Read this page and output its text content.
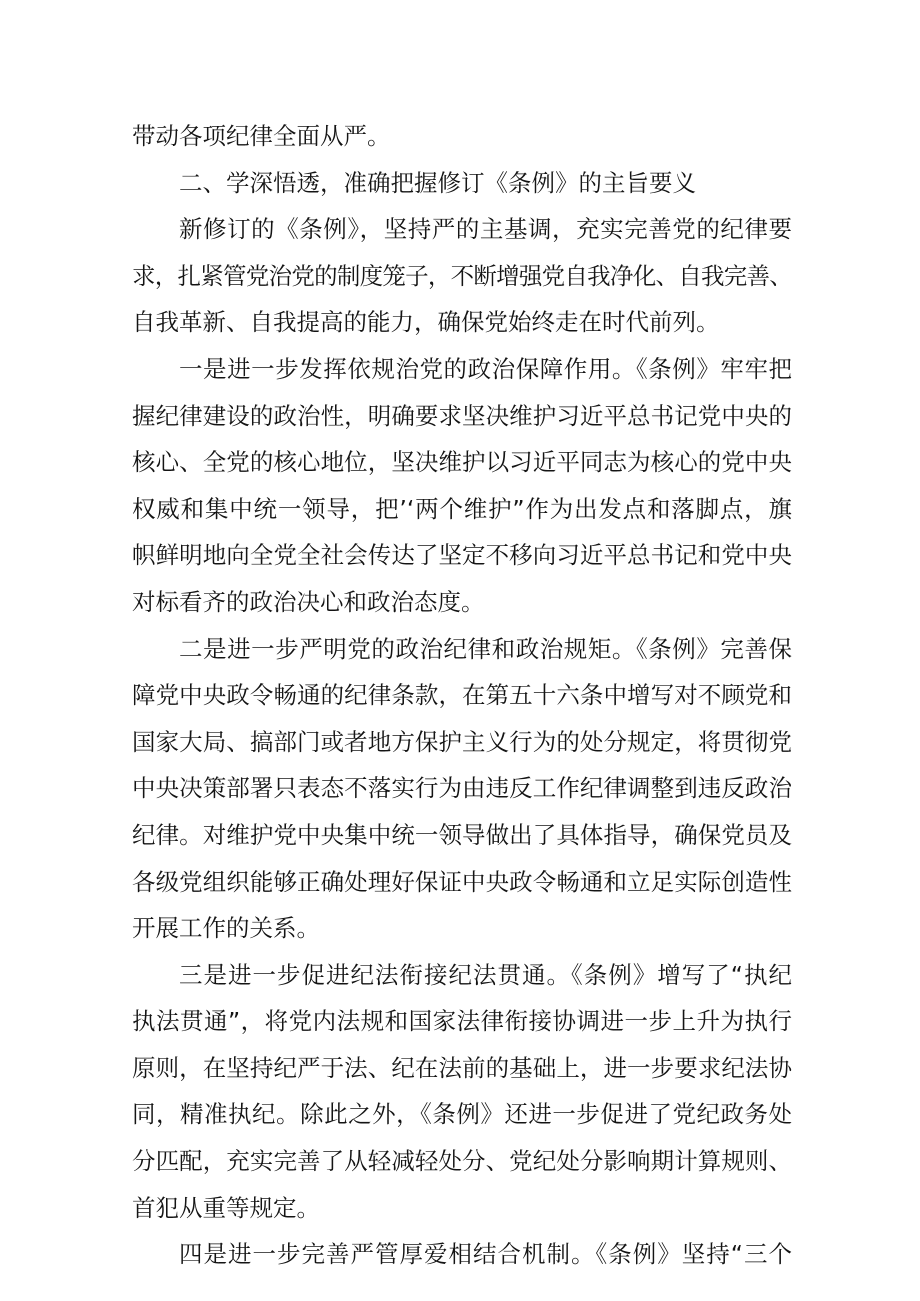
带动各项纪律全面从严。
二、学深悟透，准确把握修订《条例》的主旨要义
新修订的《条例》，坚持严的主基调，充实完善党的纪律要
求，扎紧管党治党的制度笼子，不断增强党自我净化、自我完善、
自我革新、自我提高的能力，确保党始终走在时代前列。
一是进一步发挥依规治党的政治保障作用。《条例》牢牢把
握纪律建设的政治性，明确要求坚决维护习近平总书记党中央的
核心、全党的核心地位，坚决维护以习近平同志为核心的党中央
权威和集中统一领导，把’‘两个维护”作为出发点和落脚点，旗
帜鲜明地向全党全社会传达了坚定不移向习近平总书记和党中央
对标看齐的政治决心和政治态度。
二是进一步严明党的政治纪律和政治规矩。《条例》完善保
障党中央政令畅通的纪律条款，在第五十六条中增写对不顾党和
国家大局、搞部门或者地方保护主义行为的处分规定，将贯彻党
中央决策部署只表态不落实行为由违反工作纪律调整到违反政治
纪律。对维护党中央集中统一领导做出了具体指导，确保党员及
各级党组织能够正确处理好保证中央政令畅通和立足实际创造性
开展工作的关系。
三是进一步促进纪法衔接纪法贯通。《条例》增写了“执纪
执法贯通”，将党内法规和国家法律衔接协调进一步上升为执行
原则，在坚持纪严于法、纪在法前的基础上，进一步要求纪法协
同，精准执纪。除此之外，《条例》还进一步促进了党纪政务处
分匹配，充实完善了从轻减轻处分、党纪处分影响期计算规则、
首犯从重等规定。
四是进一步完善严管厚爱相结合机制。《条例》坚持“三个
